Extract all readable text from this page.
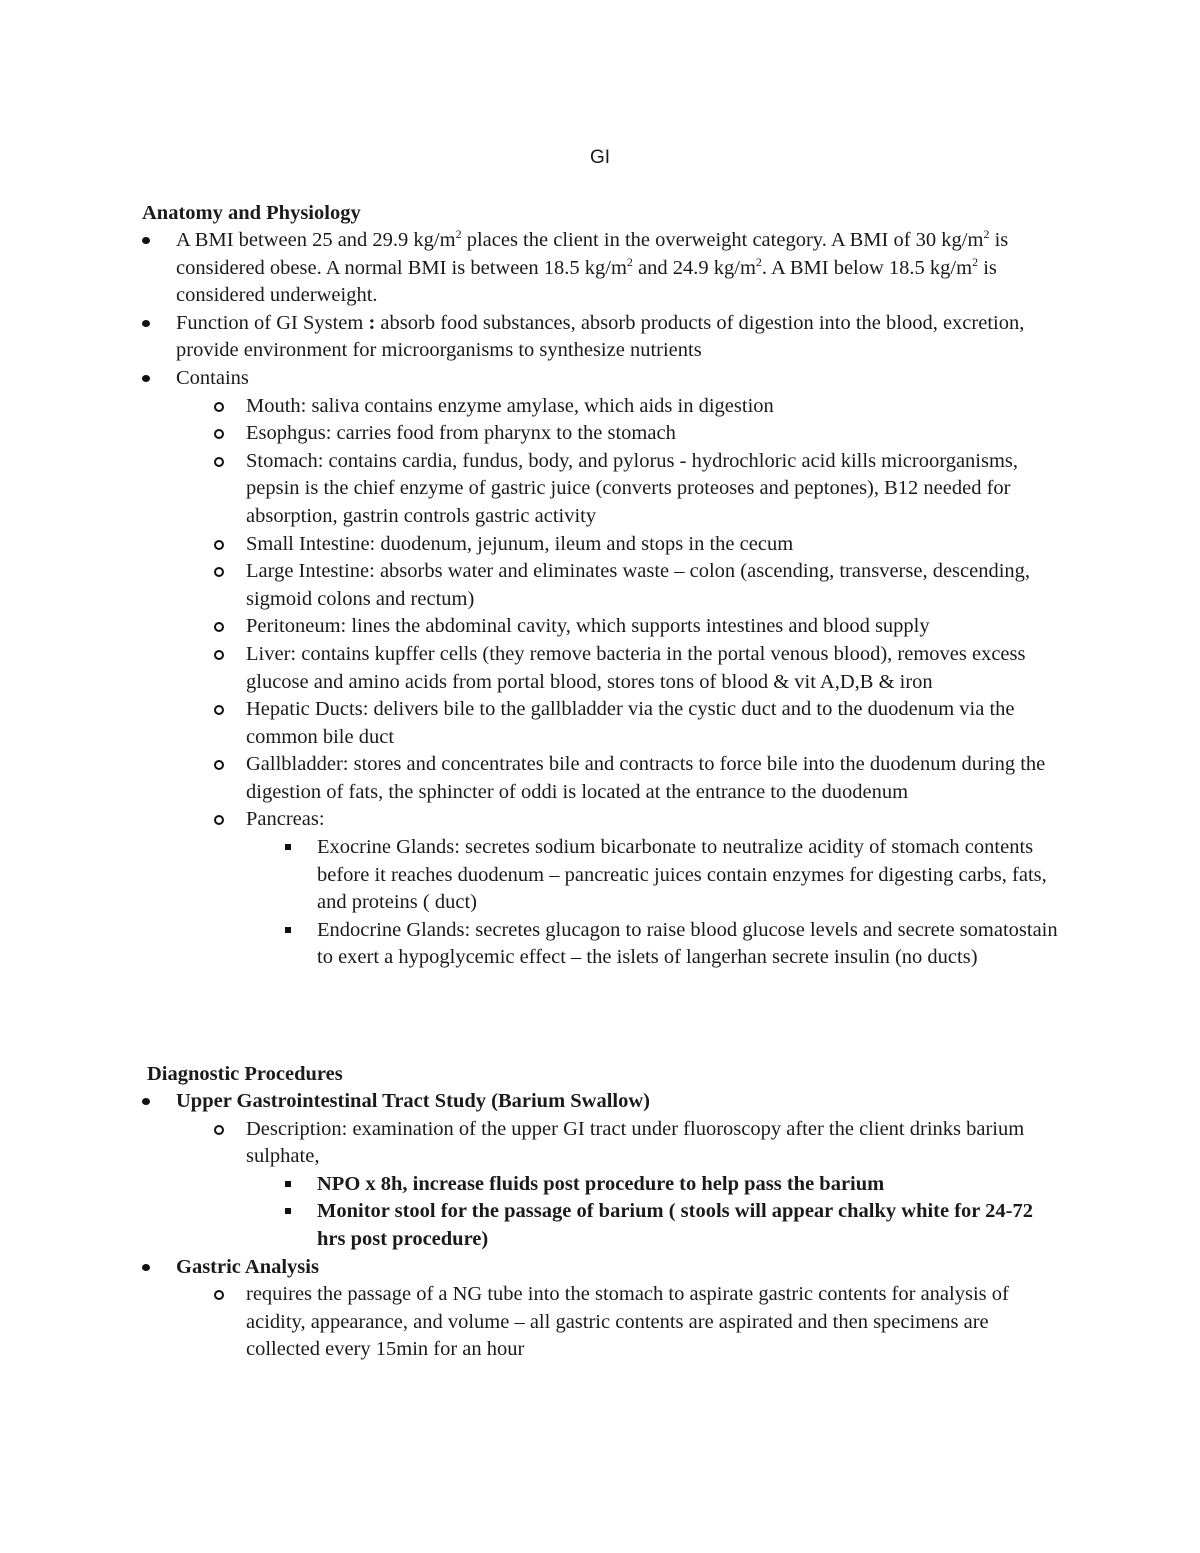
GI
Anatomy and Physiology
A BMI between 25 and 29.9 $kg/m^2$ places the client in the overweight category. A BMI of 30 $kg/m^2$ is considered obese. A normal BMI is between 18.5 $kg/m^2$ and 24.9 $kg/m^2$. A BMI below 18.5 $kg/m^2$ is considered underweight.
Function of GI System : absorb food substances, absorb products of digestion into the blood, excretion, provide environment for microorganisms to synthesize nutrients
Contains
Mouth: saliva contains enzyme amylase, which aids in digestion
Esophgus: carries food from pharynx to the stomach
Stomach: contains cardia, fundus, body, and pylorus - hydrochloric acid kills microorganisms, pepsin is the chief enzyme of gastric juice (converts proteoses and peptones), B12 needed for absorption, gastrin controls gastric activity
Small Intestine: duodenum, jejunum, ileum and stops in the cecum
Large Intestine: absorbs water and eliminates waste – colon (ascending, transverse, descending, sigmoid colons and rectum)
Peritoneum: lines the abdominal cavity, which supports intestines and blood supply
Liver: contains kupffer cells (they remove bacteria in the portal venous blood), removes excess glucose and amino acids from portal blood, stores tons of blood & vit A,D,B & iron
Hepatic Ducts: delivers bile to the gallbladder via the cystic duct and to the duodenum via the common bile duct
Gallbladder: stores and concentrates bile and contracts to force bile into the duodenum during the digestion of fats, the sphincter of oddi is located at the entrance to the duodenum
Pancreas:
Exocrine Glands: secretes sodium bicarbonate to neutralize acidity of stomach contents before it reaches duodenum – pancreatic juices contain enzymes for digesting carbs, fats, and proteins ( duct)
Endocrine Glands: secretes glucagon to raise blood glucose levels and secrete somatostain to exert a hypoglycemic effect – the islets of langerhan secrete insulin (no ducts)
Diagnostic Procedures
Upper Gastrointestinal Tract Study (Barium Swallow)
Description: examination of the upper GI tract under fluoroscopy after the client drinks barium sulphate,
NPO x 8h, increase fluids post procedure to help pass the barium
Monitor stool for the passage of barium ( stools will appear chalky white for 24-72 hrs post procedure)
Gastric Analysis
requires the passage of a NG tube into the stomach to aspirate gastric contents for analysis of acidity, appearance, and volume – all gastric contents are aspirated and then specimens are collected every 15min for an hour
